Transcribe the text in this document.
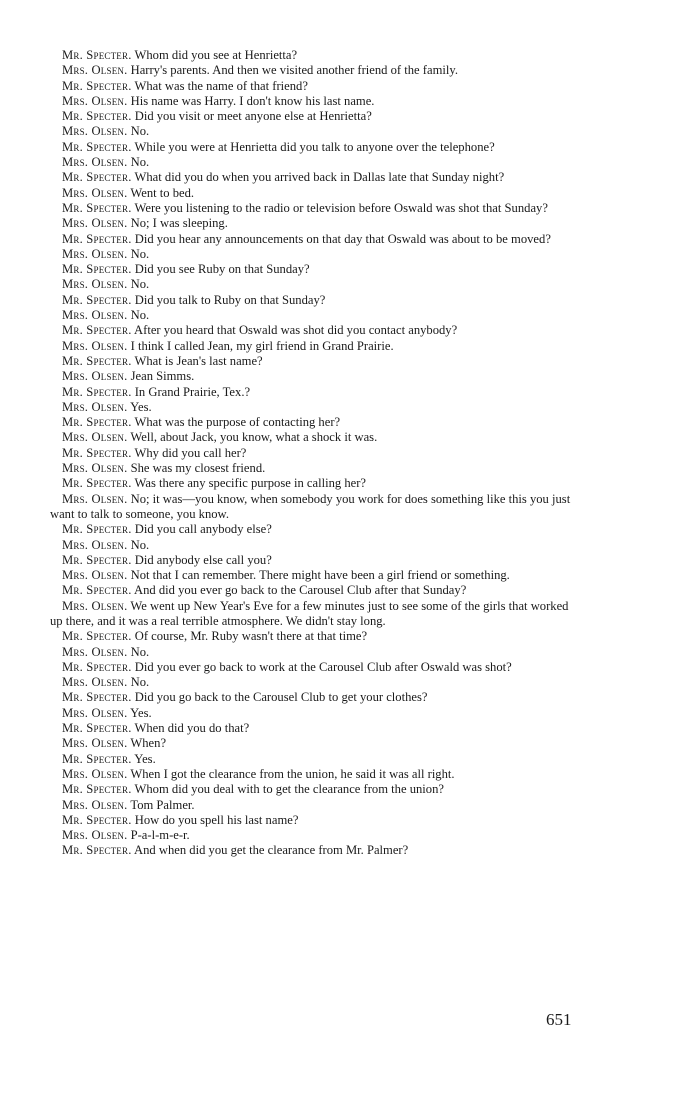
Mr. Specter. Whom did you see at Henrietta?

Mrs. Olsen. Harry's parents. And then we visited another friend of the family.

Mr. Specter. What was the name of that friend?

Mrs. Olsen. His name was Harry. I don't know his last name.

Mr. Specter. Did you visit or meet anyone else at Henrietta?

Mrs. Olsen. No.

Mr. Specter. While you were at Henrietta did you talk to anyone over the telephone?

Mrs. Olsen. No.

Mr. Specter. What did you do when you arrived back in Dallas late that Sunday night?

Mrs. Olsen. Went to bed.

Mr. Specter. Were you listening to the radio or television before Oswald was shot that Sunday?

Mrs. Olsen. No; I was sleeping.

Mr. Specter. Did you hear any announcements on that day that Oswald was about to be moved?

Mrs. Olsen. No.

Mr. Specter. Did you see Ruby on that Sunday?

Mrs. Olsen. No.

Mr. Specter. Did you talk to Ruby on that Sunday?

Mrs. Olsen. No.

Mr. Specter. After you heard that Oswald was shot did you contact anybody?

Mrs. Olsen. I think I called Jean, my girl friend in Grand Prairie.

Mr. Specter. What is Jean's last name?

Mrs. Olsen. Jean Simms.

Mr. Specter. In Grand Prairie, Tex.?

Mrs. Olsen. Yes.

Mr. Specter. What was the purpose of contacting her?

Mrs. Olsen. Well, about Jack, you know, what a shock it was.

Mr. Specter. Why did you call her?

Mrs. Olsen. She was my closest friend.

Mr. Specter. Was there any specific purpose in calling her?

Mrs. Olsen. No; it was—you know, when somebody you work for does something like this you just want to talk to someone, you know.

Mr. Specter. Did you call anybody else?

Mrs. Olsen. No.

Mr. Specter. Did anybody else call you?

Mrs. Olsen. Not that I can remember. There might have been a girl friend or something.

Mr. Specter. And did you ever go back to the Carousel Club after that Sunday?

Mrs. Olsen. We went up New Year's Eve for a few minutes just to see some of the girls that worked up there, and it was a real terrible atmosphere. We didn't stay long.

Mr. Specter. Of course, Mr. Ruby wasn't there at that time?

Mrs. Olsen. No.

Mr. Specter. Did you ever go back to work at the Carousel Club after Oswald was shot?

Mrs. Olsen. No.

Mr. Specter. Did you go back to the Carousel Club to get your clothes?

Mrs. Olsen. Yes.

Mr. Specter. When did you do that?

Mrs. Olsen. When?

Mr. Specter. Yes.

Mrs. Olsen. When I got the clearance from the union, he said it was all right.

Mr. Specter. Whom did you deal with to get the clearance from the union?

Mrs. Olsen. Tom Palmer.

Mr. Specter. How do you spell his last name?

Mrs. Olsen. P-a-l-m-e-r.

Mr. Specter. And when did you get the clearance from Mr. Palmer?

651
